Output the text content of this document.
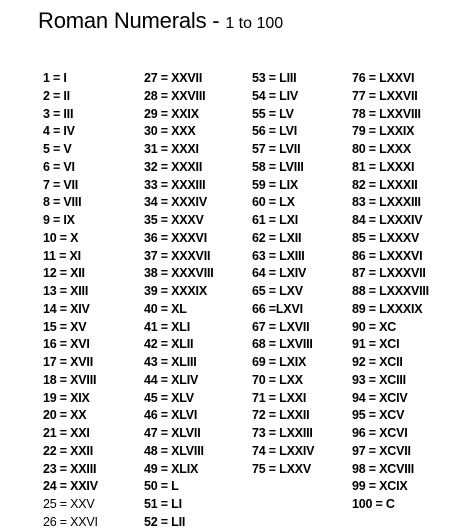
Roman Numerals - 1 to 100
1 = I
2 = II
3 = III
4 = IV
5 = V
6 = VI
7 = VII
8 = VIII
9 = IX
10 = X
11 = XI
12 = XII
13 = XIII
14 = XIV
15 = XV
16 = XVI
17 = XVII
18 = XVIII
19 = XIX
20 = XX
21 = XXI
22 = XXII
23 = XXIII
24 = XXIV
25 = XXV
26 = XXVI
27 = XXVII
28 = XXVIII
29 = XXIX
30 = XXX
31 = XXXI
32 = XXXII
33 = XXXIII
34 = XXXIV
35 = XXXV
36 = XXXVI
37 = XXXVII
38 = XXXVIII
39 = XXXIX
40 = XL
41 = XLI
42 = XLII
43 = XLIII
44 = XLIV
45 = XLV
46 = XLVI
47 = XLVII
48 = XLVIII
49 = XLIX
50 = L
51 = LI
52 = LII
53 = LIII
54 = LIV
55 = LV
56 = LVI
57 = LVII
58 = LVIII
59 = LIX
60 = LX
61 = LXI
62 = LXII
63 = LXIII
64 = LXIV
65 = LXV
66 =LXVI
67 = LXVII
68 = LXVIII
69 = LXIX
70 = LXX
71 = LXXI
72 = LXXII
73 = LXXIII
74 = LXXIV
75 = LXXV
76 = LXXVI
77 = LXXVII
78 = LXXVIII
79 = LXXIX
80 = LXXX
81 = LXXXI
82 = LXXXII
83 = LXXXIII
84 = LXXXIV
85 = LXXXV
86 = LXXXVI
87 = LXXXVII
88 = LXXXVIII
89 = LXXXIX
90 = XC
91 = XCI
92 = XCII
93 = XCIII
94 = XCIV
95 = XCV
96 = XCVI
97 = XCVII
98 = XCVIII
99 = XCIX
100 = C
